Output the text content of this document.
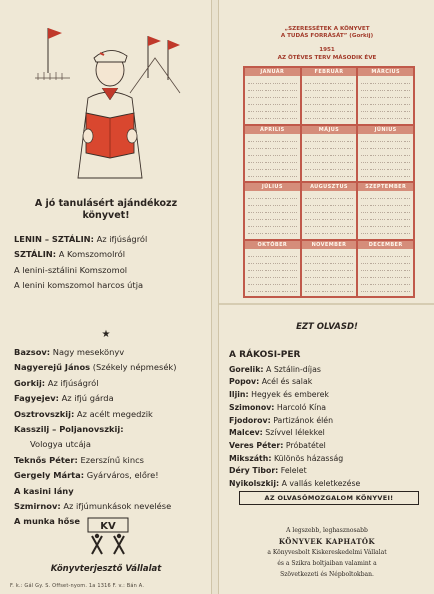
A jó tanulásért ajándékozz
könyvet!
LENIN – SZTÁLIN: Az ifjúságról
SZTÁLIN: A Komszomolról
A lenini-sztálini Komszomol
A lenini komszomol harcos útja
★
Bazsov: Nagy mesekönyv
Nagyerejű János (Székely népmesék)
Gorkij: Az ifjúságról
Fagyejev: Az ifjú gárda
Osztrovszkij: Az acélt megedzik
Kasszilj – Poljanovszkij:
Vologya utcája
Teknős Péter: Ezerszínű kincs
Gergely Márta: Gyárváros, előre!
A kasini lány
Szmirnov: Az ifjúmunkások nevelése
A munka hőse	KV
Könyvterjesztő Vállalat
F. k.: Gál Gy. S. Offset-nyom. 1a 1316 F. v.: Bán A.
„SZERESSÉTEK A KÖNYVET
A TUDÁS FORRÁSÁT” (Gorkij)
1951
AZ ÖTÉVES TERV MÁSODIK ÉVE
JANUÁR	FEBRUÁR	MÁRCIUS
ÁPRILIS	MÁJUS	JÚNIUS
JÚLIUS	AUGUSZTUS	SZEPTEMBER
OKTÓBER	NOVEMBER	DECEMBER
EZT OLVASD!
A RÁKOSI-PER
Gorelik: A Sztálin-díjas
Popov: Acél és salak
Iljin: Hegyek és emberek
Szimonov: Harcoló Kína
Fjodorov: Partizánok élén
Malcev: Szívvel lélekkel
Veres Péter: Próbatétel
Mikszáth: Különös házasság
Déry Tibor: Felelet
Nyikolszkij: A vallás keletkezése
AZ OLVASÓMOZGALOM KÖNYVEI!
A legszebb, leghasznosabb
KÖNYVEK KAPHATÓK
a Könyvesbolt Kiskereskedelmi Vállalat
és a Szikra boltjaiban valamint a
Szövetkezeti és Népboltokban.
